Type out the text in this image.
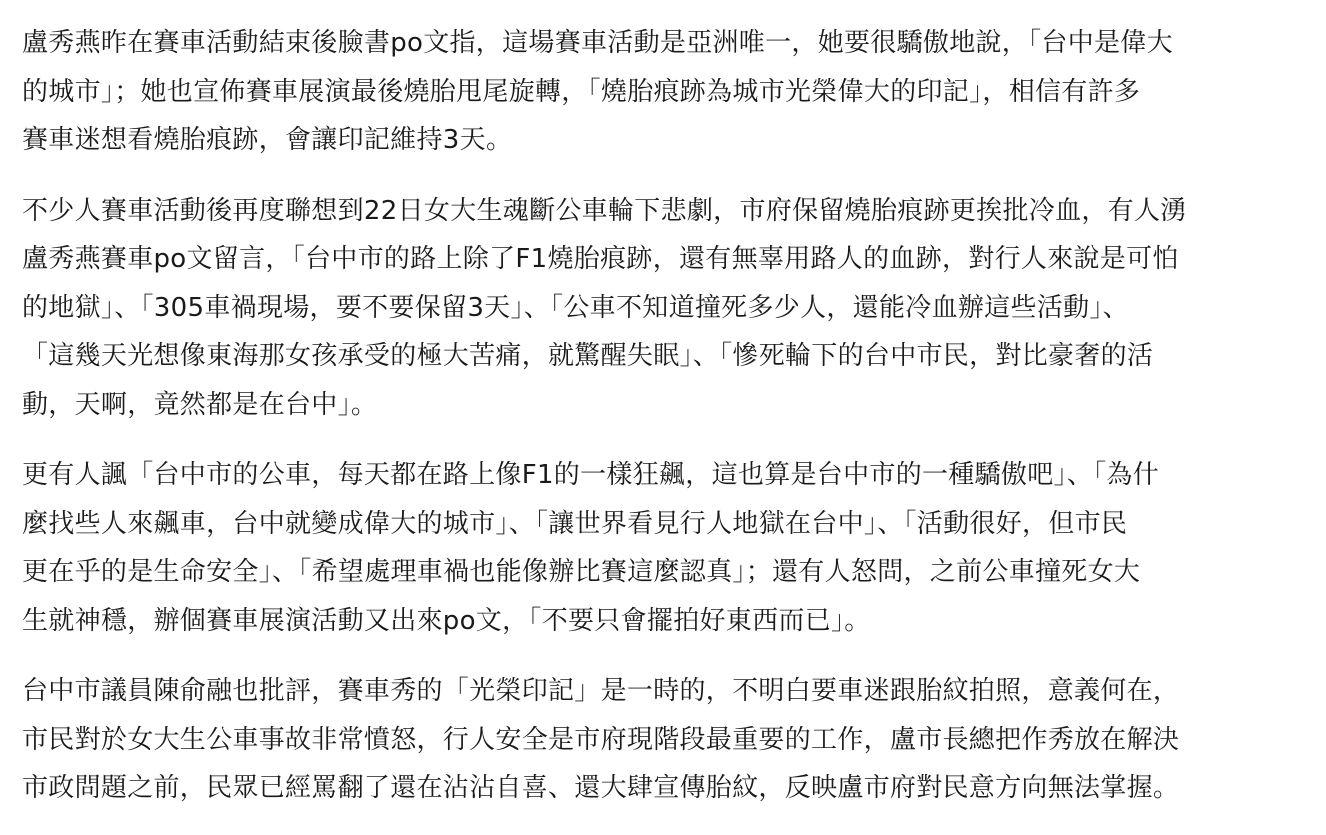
盧秀燕昨在賽車活動結束後臉書po文指，這場賽車活動是亞洲唯一，她要很驕傲地說，「台中是偉大
的城市」；她也宣佈賽車展演最後燒胎甩尾旋轉，「燒胎痕跡為城市光榮偉大的印記」，相信有許多
賽車迷想看燒胎痕跡，會讓印記維持3天。

不少人賽車活動後再度聯想到22日女大生魂斷公車輪下悲劇，市府保留燒胎痕跡更挨批冷血，有人湧
盧秀燕賽車po文留言，「台中市的路上除了F1燒胎痕跡，還有無辜用路人的血跡，對行人來說是可怕
的地獄」、「305車禍現場，要不要保留3天」、「公車不知道撞死多少人，還能冷血辦這些活動」、
「這幾天光想像東海那女孩承受的極大苦痛，就驚醒失眠」、「慘死輪下的台中市民，對比豪奢的活
動，天啊，竟然都是在台中」。

更有人諷「台中市的公車，每天都在路上像F1的一樣狂飆，這也算是台中市的一種驕傲吧」、「為什
麼找些人來飆車，台中就變成偉大的城市」、「讓世界看見行人地獄在台中」、「活動很好，但市民
更在乎的是生命安全」、「希望處理車禍也能像辦比賽這麼認真」；還有人怒問，之前公車撞死女大
生就神穩，辦個賽車展演活動又出來po文，「不要只會擺拍好東西而已」。

台中市議員陳俞融也批評，賽車秀的「光榮印記」是一時的，不明白要車迷跟胎紋拍照，意義何在，
市民對於女大生公車事故非常憤怒，行人安全是市府現階段最重要的工作，盧市長總把作秀放在解決
市政問題之前，民眾已經罵翻了還在沾沾自喜、還大肆宣傳胎紋，反映盧市府對民意方向無法掌握。
